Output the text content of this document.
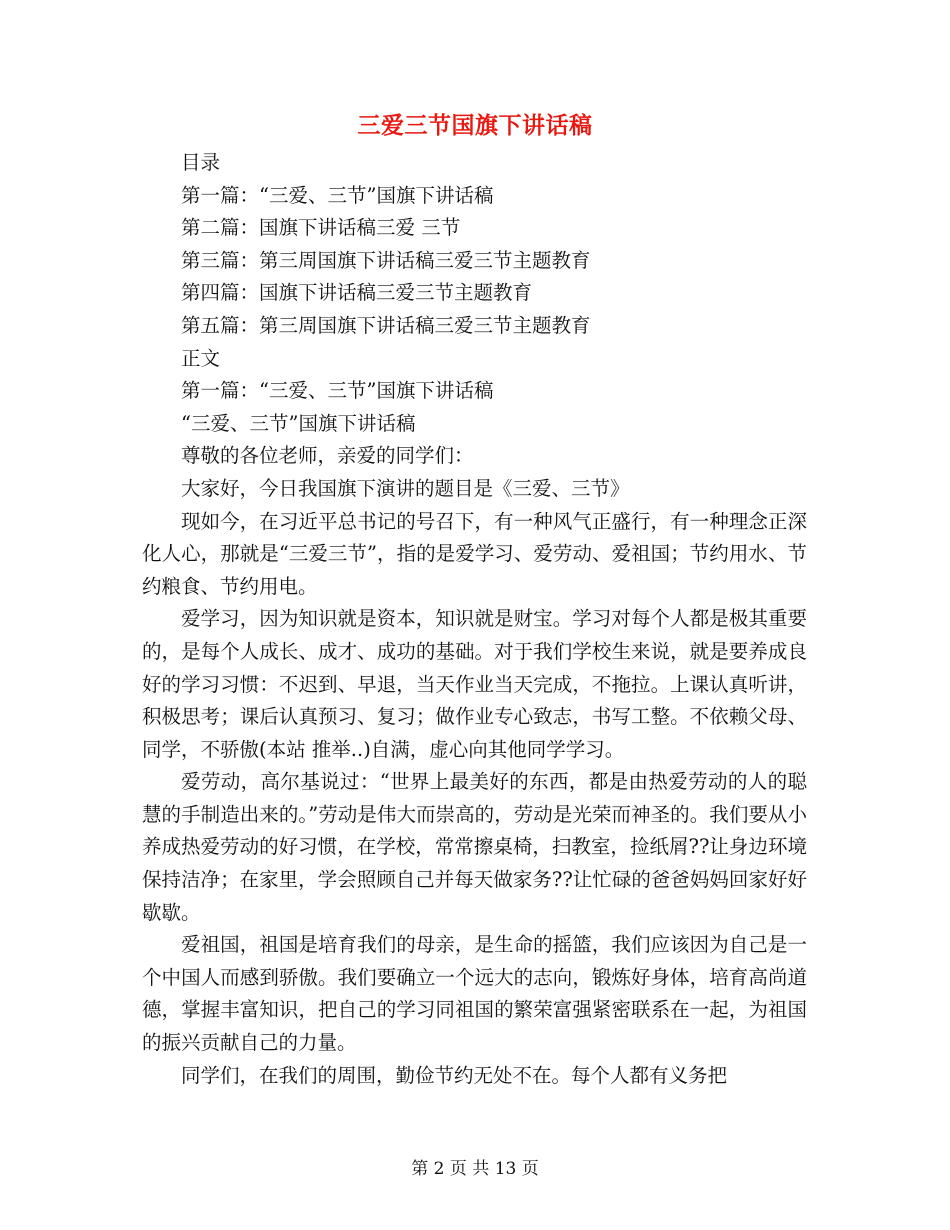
三爱三节国旗下讲话稿

目录

第一篇：“三爱、三节”国旗下讲话稿

第二篇：国旗下讲话稿三爱 三节

第三篇：第三周国旗下讲话稿三爱三节主题教育

第四篇：国旗下讲话稿三爱三节主题教育

第五篇：第三周国旗下讲话稿三爱三节主题教育

正文

第一篇：“三爱、三节”国旗下讲话稿

“三爱、三节”国旗下讲话稿

尊敬的各位老师，亲爱的同学们：

大家好，今日我国旗下演讲的题目是《三爱、三节》

现如今，在习近平总书记的号召下，有一种风气正盛行，有一种理念正深化人心，那就是“三爱三节”，指的是爱学习、爱劳动、爱祖国；节约用水、节约粮食、节约用电。

爱学习，因为知识就是资本，知识就是财宝。学习对每个人都是极其重要的，是每个人成长、成才、成功的基础。对于我们学校生来说，就是要养成良好的学习习惯：不迟到、早退，当天作业当天完成，不拖拉。上课认真听讲，积极思考；课后认真预习、复习；做作业专心致志，书写工整。不依赖父母、同学，不骄傲(本站 推举..)自满，虚心向其他同学学习。

爱劳动，高尔基说过：“世界上最美好的东西，都是由热爱劳动的人的聪慧的手制造出来的。”劳动是伟大而崇高的，劳动是光荣而神圣的。我们要从小养成热爱劳动的好习惯，在学校，常常擦桌椅，扫教室，捡纸屑??让身边环境保持洁净；在家里，学会照顾自己并每天做家务??让忙碌的爸爸妈妈回家好好歇歇。

爱祖国，祖国是培育我们的母亲，是生命的摇篮，我们应该因为自己是一个中国人而感到骄傲。我们要确立一个远大的志向，锻炼好身体，培育高尚道德，掌握丰富知识，把自己的学习同祖国的繁荣富强紧密联系在一起，为祖国的振兴贡献自己的力量。

同学们，在我们的周围，勤俭节约无处不在。每个人都有义务把

第 2 页 共 13 页
